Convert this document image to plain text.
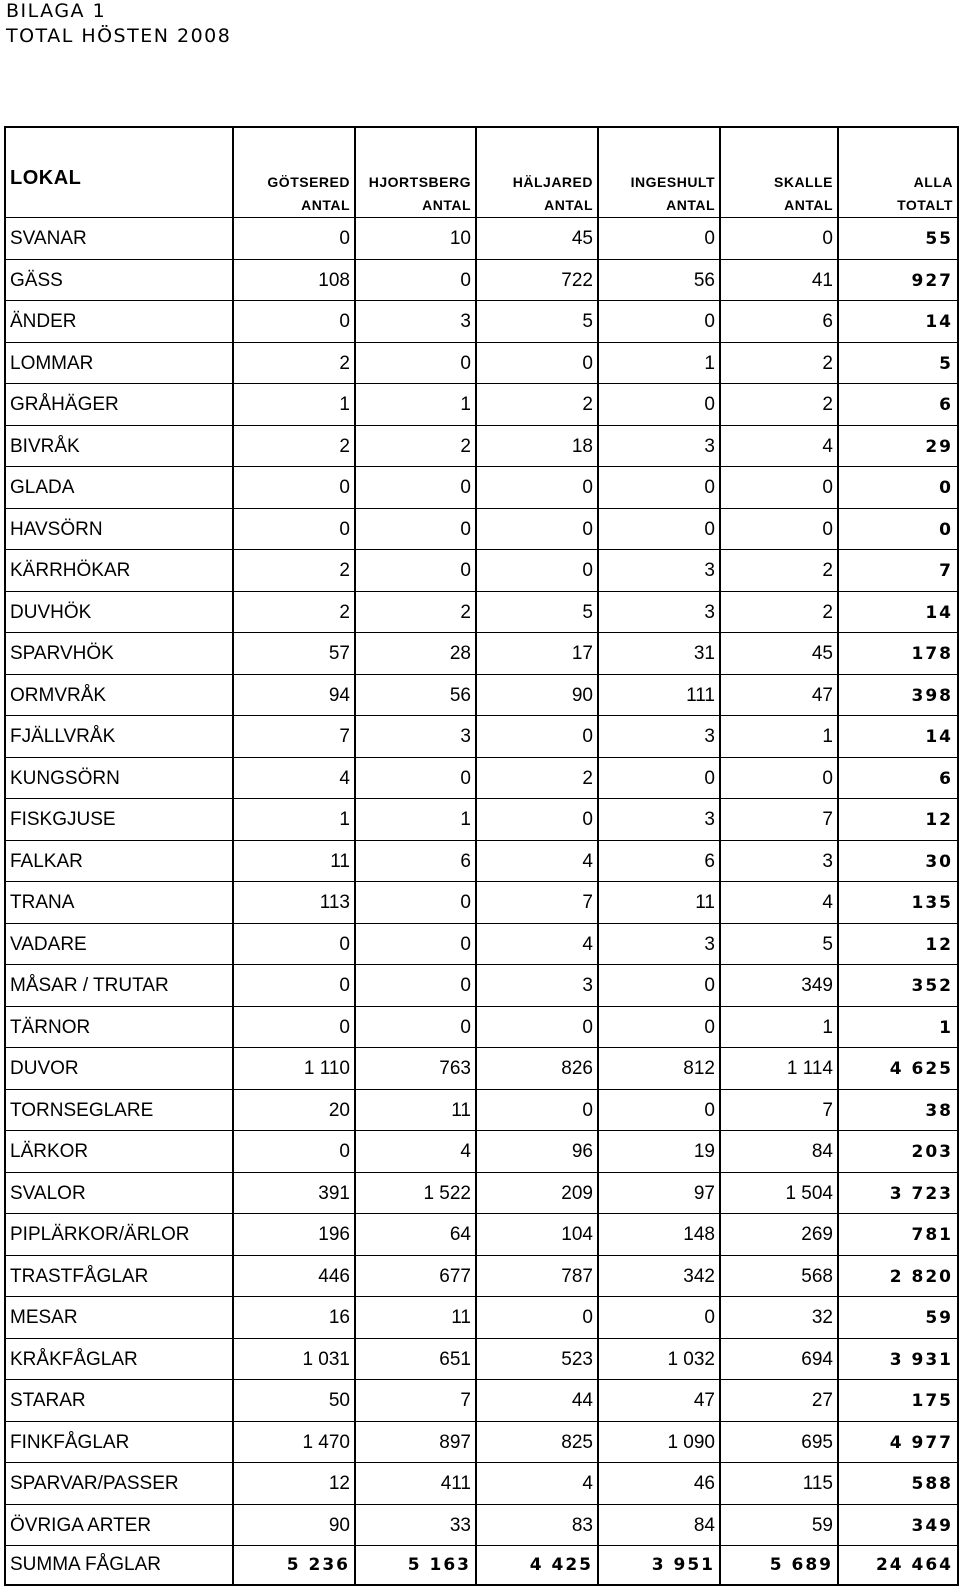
BILAGA 1
TOTAL HÖSTEN 2008
LOKAL	GÖTSERED	HJORTSBERG	HÄLJARED	INGESHULT	SKALLE	ALLA
	ANTAL	ANTAL	ANTAL	ANTAL	ANTAL	TOTALT
SVANAR	0	10	45	0	0	55
GÄSS	108	0	722	56	41	927
ÄNDER	0	3	5	0	6	14
LOMMAR	2	0	0	1	2	5
GRÅHÄGER	1	1	2	0	2	6
BIVRÅK	2	2	18	3	4	29
GLADA	0	0	0	0	0	0
HAVSÖRN	0	0	0	0	0	0
KÄRRHÖKAR	2	0	0	3	2	7
DUVHÖK	2	2	5	3	2	14
SPARVHÖK	57	28	17	31	45	178
ORMVRÅK	94	56	90	111	47	398
FJÄLLVRÅK	7	3	0	3	1	14
KUNGSÖRN	4	0	2	0	0	6
FISKGJUSE	1	1	0	3	7	12
FALKAR	11	6	4	6	3	30
TRANA	113	0	7	11	4	135
VADARE	0	0	4	3	5	12
MÅSAR / TRUTAR	0	0	3	0	349	352
TÄRNOR	0	0	0	0	1	1
DUVOR	1 110	763	826	812	1 114	4 625
TORNSEGLARE	20	11	0	0	7	38
LÄRKOR	0	4	96	19	84	203
SVALOR	391	1 522	209	97	1 504	3 723
PIPLÄRKOR/ÄRLOR	196	64	104	148	269	781
TRASTFÅGLAR	446	677	787	342	568	2 820
MESAR	16	11	0	0	32	59
KRÅKFÅGLAR	1 031	651	523	1 032	694	3 931
STARAR	50	7	44	47	27	175
FINKFÅGLAR	1 470	897	825	1 090	695	4 977
SPARVAR/PASSER	12	411	4	46	115	588
ÖVRIGA ARTER	90	33	83	84	59	349
SUMMA FÅGLAR	5 236	5 163	4 425	3 951	5 689	24 464
